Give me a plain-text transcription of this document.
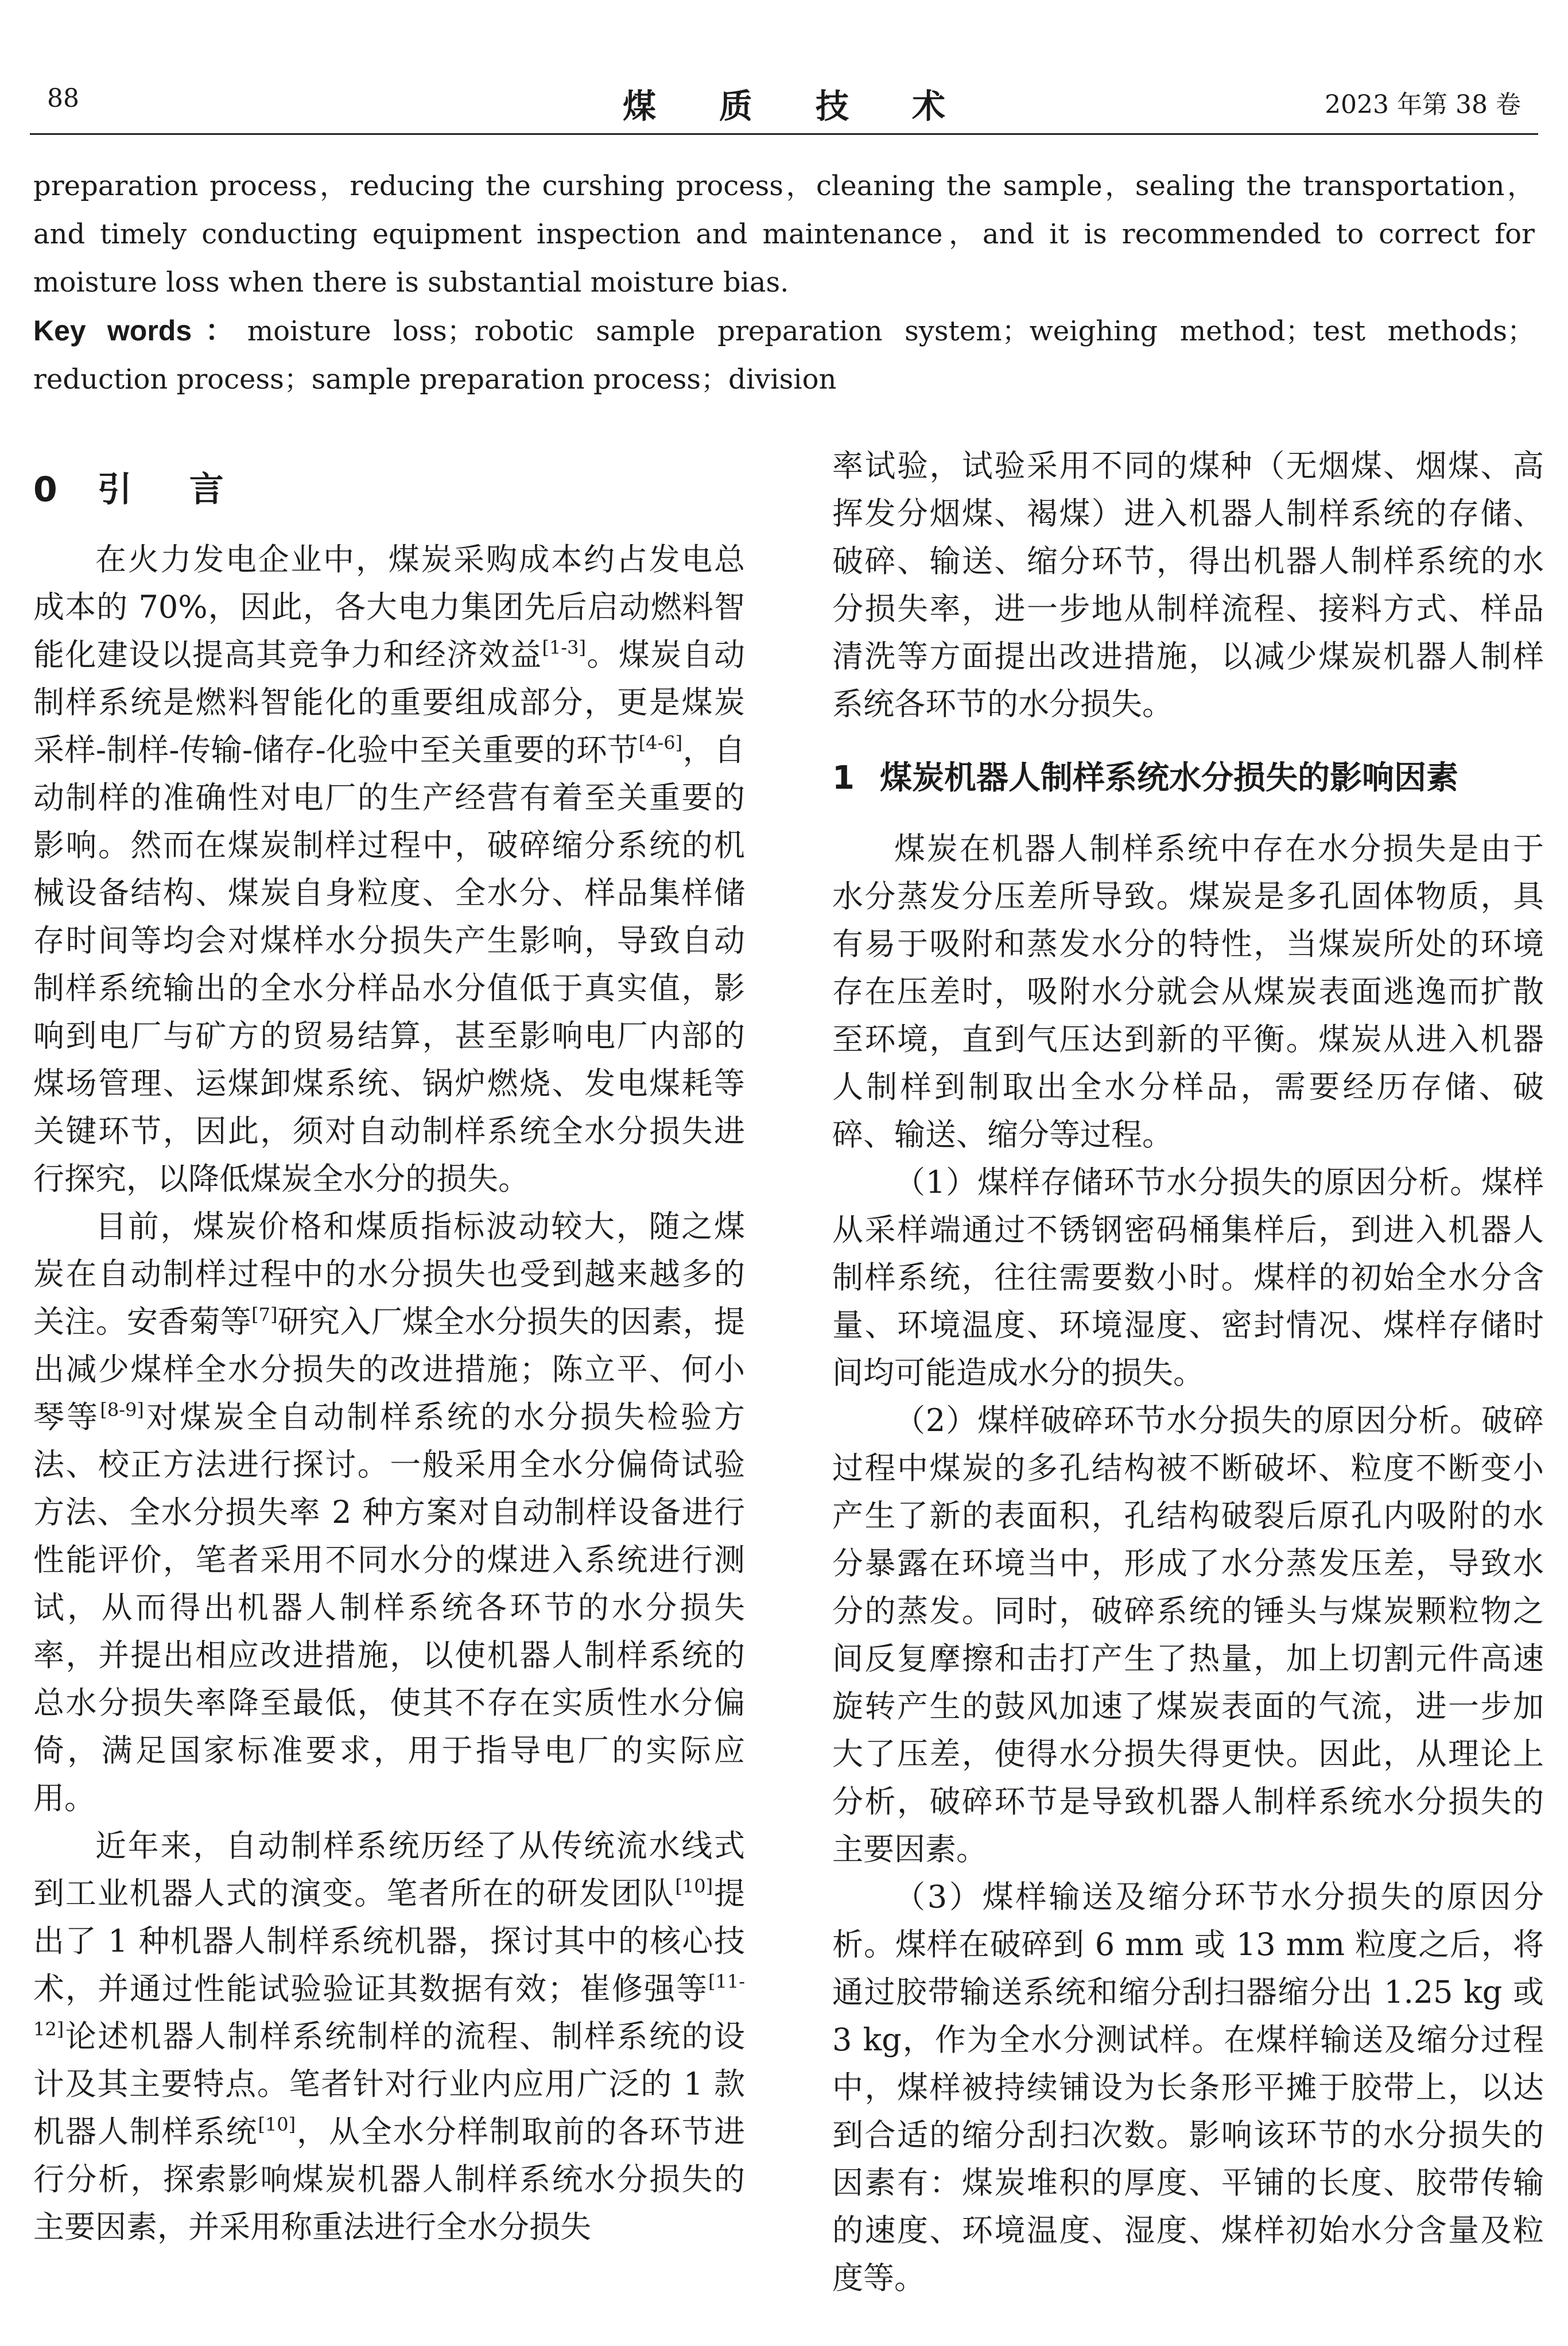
88	煤质技术	2023 年第 38 卷

preparation process，reducing the curshing process，cleaning the sample，sealing the transportation，and timely conducting equipment inspection and maintenance，and it is recommended to correct for moisture loss when there is substantial moisture bias.

Key words：moisture loss；robotic sample preparation system；weighing method；test methods；reduction process；sample preparation process；division

0 引 言

在火力发电企业中，煤炭采购成本约占发电总成本的 70%，因此，各大电力集团先后启动燃料智能化建设以提高其竞争力和经济效益[1-3]。煤炭自动制样系统是燃料智能化的重要组成部分，更是煤炭采样-制样-传输-储存-化验中至关重要的环节[4-6]，自动制样的准确性对电厂的生产经营有着至关重要的影响。然而在煤炭制样过程中，破碎缩分系统的机械设备结构、煤炭自身粒度、全水分、样品集样储存时间等均会对煤样水分损失产生影响，导致自动制样系统输出的全水分样品水分值低于真实值，影响到电厂与矿方的贸易结算，甚至影响电厂内部的煤场管理、运煤卸煤系统、锅炉燃烧、发电煤耗等关键环节，因此，须对自动制样系统全水分损失进行探究，以降低煤炭全水分的损失。

目前，煤炭价格和煤质指标波动较大，随之煤炭在自动制样过程中的水分损失也受到越来越多的关注。安香菊等[7]研究入厂煤全水分损失的因素，提出减少煤样全水分损失的改进措施；陈立平、何小琴等[8-9]对煤炭全自动制样系统的水分损失检验方法、校正方法进行探讨。一般采用全水分偏倚试验方法、全水分损失率 2 种方案对自动制样设备进行性能评价，笔者采用不同水分的煤进入系统进行测试，从而得出机器人制样系统各环节的水分损失率，并提出相应改进措施，以使机器人制样系统的总水分损失率降至最低，使其不存在实质性水分偏倚，满足国家标准要求，用于指导电厂的实际应用。

近年来，自动制样系统历经了从传统流水线式到工业机器人式的演变。笔者所在的研发团队[10]提出了 1 种机器人制样系统机器，探讨其中的核心技术，并通过性能试验验证其数据有效；崔修强等[11-12]论述机器人制样系统制样的流程、制样系统的设计及其主要特点。笔者针对行业内应用广泛的 1 款机器人制样系统[10]，从全水分样制取前的各环节进行分析，探索影响煤炭机器人制样系统水分损失的主要因素，并采用称重法进行全水分损失

率试验，试验采用不同的煤种（无烟煤、烟煤、高挥发分烟煤、褐煤）进入机器人制样系统的存储、破碎、输送、缩分环节，得出机器人制样系统的水分损失率，进一步地从制样流程、接料方式、样品清洗等方面提出改进措施，以减少煤炭机器人制样系统各环节的水分损失。

1 煤炭机器人制样系统水分损失的影响因素

煤炭在机器人制样系统中存在水分损失是由于水分蒸发分压差所导致。煤炭是多孔固体物质，具有易于吸附和蒸发水分的特性，当煤炭所处的环境存在压差时，吸附水分就会从煤炭表面逃逸而扩散至环境，直到气压达到新的平衡。煤炭从进入机器人制样到制取出全水分样品，需要经历存储、破碎、输送、缩分等过程。

（1）煤样存储环节水分损失的原因分析。煤样从采样端通过不锈钢密码桶集样后，到进入机器人制样系统，往往需要数小时。煤样的初始全水分含量、环境温度、环境湿度、密封情况、煤样存储时间均可能造成水分的损失。

（2）煤样破碎环节水分损失的原因分析。破碎过程中煤炭的多孔结构被不断破坏、粒度不断变小产生了新的表面积，孔结构破裂后原孔内吸附的水分暴露在环境当中，形成了水分蒸发压差，导致水分的蒸发。同时，破碎系统的锤头与煤炭颗粒物之间反复摩擦和击打产生了热量，加上切割元件高速旋转产生的鼓风加速了煤炭表面的气流，进一步加大了压差，使得水分损失得更快。因此，从理论上分析，破碎环节是导致机器人制样系统水分损失的主要因素。

（3）煤样输送及缩分环节水分损失的原因分析。煤样在破碎到 6 mm 或 13 mm 粒度之后，将通过胶带输送系统和缩分刮扫器缩分出 1.25 kg 或 3 kg，作为全水分测试样。在煤样输送及缩分过程中，煤样被持续铺设为长条形平摊于胶带上，以达到合适的缩分刮扫次数。影响该环节的水分损失的因素有：煤炭堆积的厚度、平铺的长度、胶带传输的速度、环境温度、湿度、煤样初始水分含量及粒度等。
